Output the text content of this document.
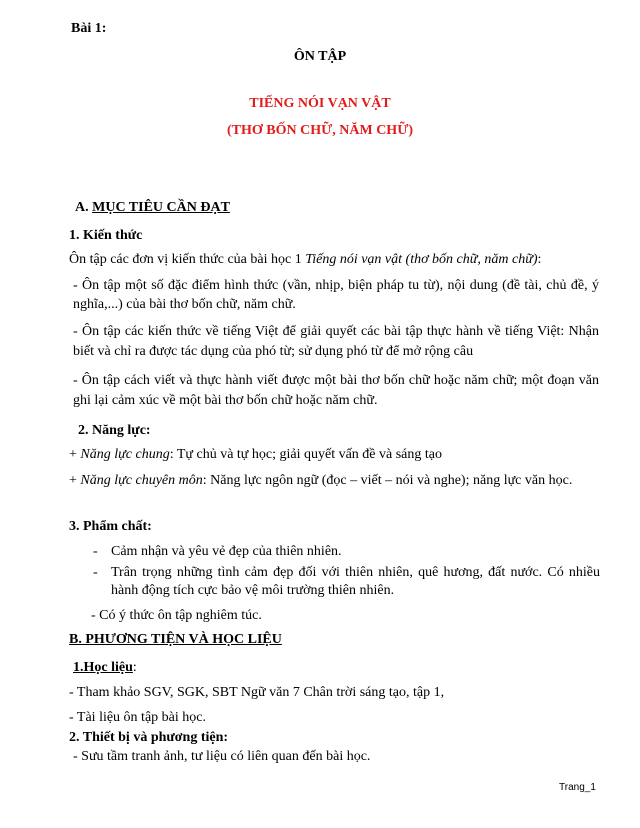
Bài 1:
ÔN TẬP
TIẾNG NÓI VẠN VẬT
(THƠ BỐN CHỮ, NĂM CHỮ)
A. MỤC TIÊU CẦN ĐẠT
1. Kiến thức
Ôn tập các đơn vị kiến thức của bài học 1 Tiếng nói vạn vật (thơ bốn chữ, năm chữ):
- Ôn tập một số đặc điểm hình thức (vần, nhịp, biện pháp tu từ), nội dung (đề tài, chủ đề, ý nghĩa,...) của bài thơ bốn chữ, năm chữ.
- Ôn tập các kiến thức về tiếng Việt để giải quyết các bài tập thực hành về tiếng Việt: Nhận biết và chỉ ra được tác dụng của phó từ; sử dụng phó từ để mở rộng câu
- Ôn tập cách viết và thực hành viết được một bài thơ bốn chữ hoặc năm chữ; một đoạn văn ghi lại cảm xúc về một bài thơ bốn chữ hoặc năm chữ.
2. Năng lực:
+ Năng lực chung: Tự chủ và tự học; giải quyết vấn đề và sáng tạo
+ Năng lực chuyên môn: Năng lực ngôn ngữ (đọc – viết – nói và nghe); năng lực văn học.
3. Phẩm chất:
- Cảm nhận và yêu vẻ đẹp của thiên nhiên.
- Trân trọng những tình cảm đẹp đối với thiên nhiên, quê hương, đất nước. Có nhiều hành động tích cực bảo vệ môi trường thiên nhiên.
- Có ý thức ôn tập nghiêm túc.
B. PHƯƠNG TIỆN VÀ HỌC LIỆU
1.Học liệu:
- Tham khảo SGV, SGK, SBT Ngữ văn 7 Chân trời sáng tạo, tập 1,
- Tài liệu ôn tập bài học.
2. Thiết bị và phương tiện:
- Sưu tầm tranh ảnh, tư liệu có liên quan đến bài học.
Trang_1
